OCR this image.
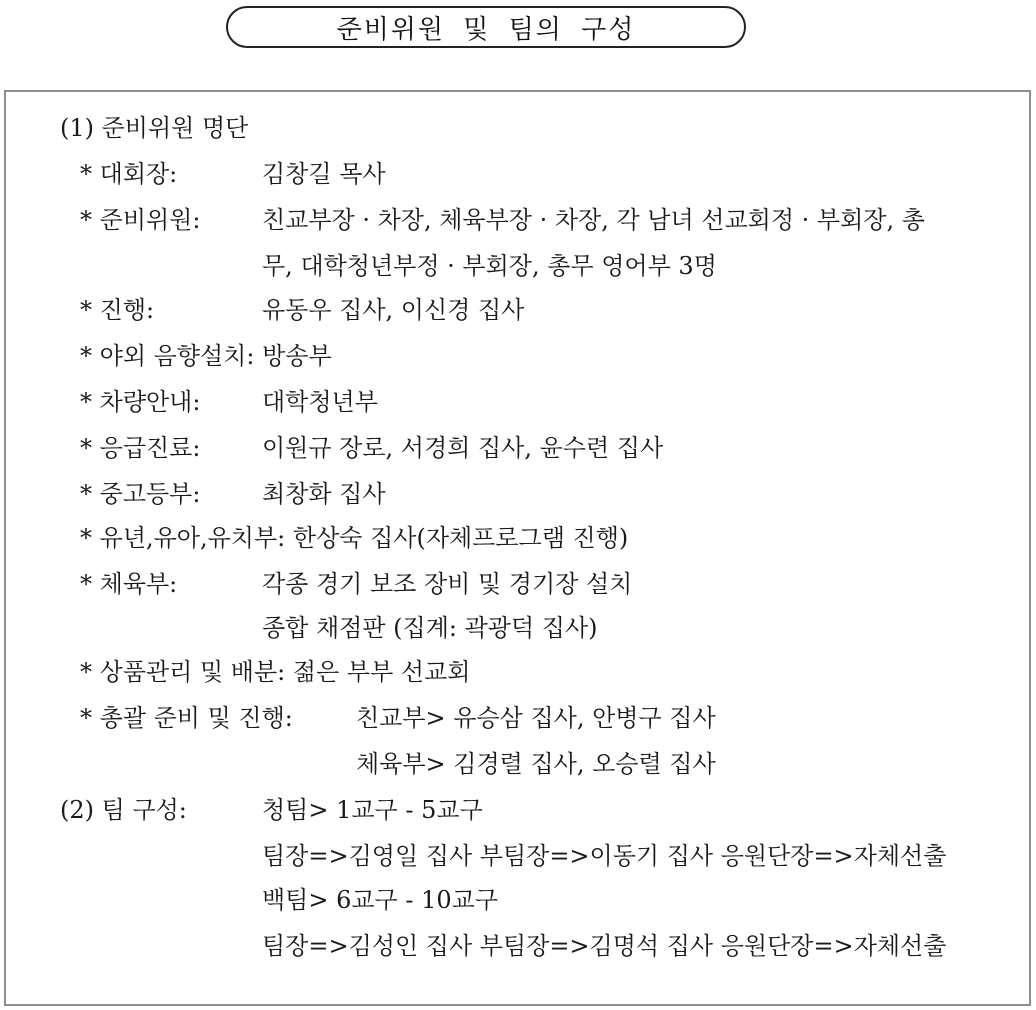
준비위원 및 팀의 구성
(1) 준비위원 명단
* 대회장:	김창길 목사
* 준비위원:	친교부장 · 차장, 체육부장 · 차장, 각 남녀 선교회정 · 부회장, 총
무, 대학청년부정 · 부회장, 총무 영어부 3명
* 진행:	유동우 집사, 이신경 집사
* 야외 음향설치: 방송부
* 차량안내:	대학청년부
* 응급진료:	이원규 장로, 서경희 집사, 윤수련 집사
* 중고등부:	최창화 집사
* 유년,유아,유치부: 한상숙 집사(자체프로그램 진행)
* 체육부:	각종 경기 보조 장비 및 경기장 설치
종합 채점판 (집계: 곽광덕 집사)
* 상품관리 및 배분: 젊은 부부 선교회
* 총괄 준비 및 진행:	친교부> 유승삼 집사, 안병구 집사
체육부> 김경렬 집사, 오승렬 집사
(2) 팀 구성:	청팀> 1교구 - 5교구
팀장=>김영일 집사 부팀장=>이동기 집사 응원단장=>자체선출
백팀> 6교구 - 10교구
팀장=>김성인 집사 부팀장=>김명석 집사 응원단장=>자체선출
